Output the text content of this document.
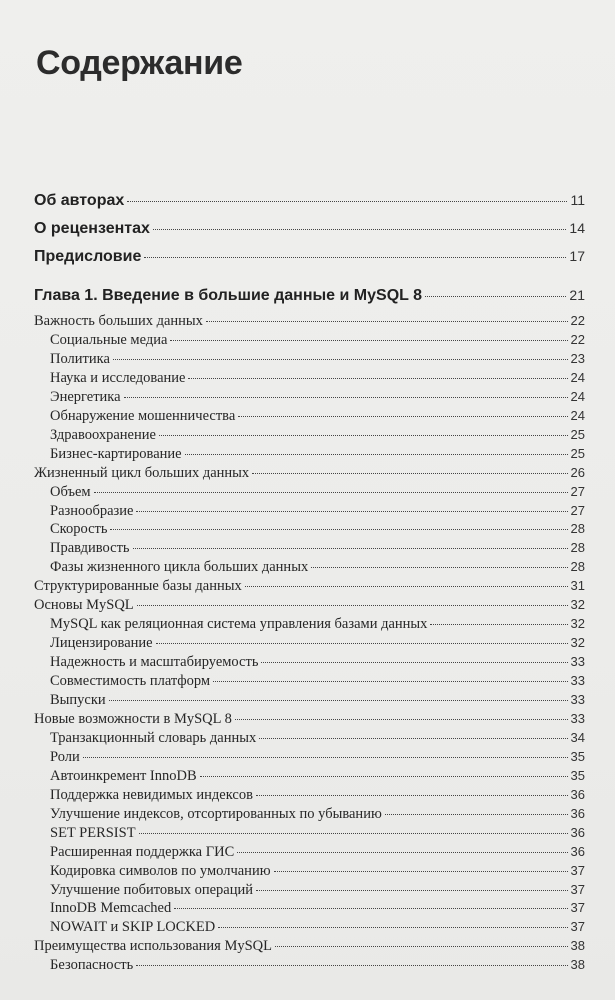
Содержание
Об авторах	11
О рецензентах	14
Предисловие	17
Глава 1. Введение в большие данные и MySQL 8	21
Важность больших данных	22
Социальные медиа	22
Политика	23
Наука и исследование	24
Энергетика	24
Обнаружение мошенничества	24
Здравоохранение	25
Бизнес-картирование	25
Жизненный цикл больших данных	26
Объем	27
Разнообразие	27
Скорость	28
Правдивость	28
Фазы жизненного цикла больших данных	28
Структурированные базы данных	31
Основы MySQL	32
MySQL как реляционная система управления базами данных	32
Лицензирование	32
Надежность и масштабируемость	33
Совместимость платформ	33
Выпуски	33
Новые возможности в MySQL 8	33
Транзакционный словарь данных	34
Роли	35
Автоинкремент InnoDB	35
Поддержка невидимых индексов	36
Улучшение индексов, отсортированных по убыванию	36
SET PERSIST	36
Расширенная поддержка ГИС	36
Кодировка символов по умолчанию	37
Улучшение побитовых операций	37
InnoDB Memcached	37
NOWAIT и SKIP LOCKED	37
Преимущества использования MySQL	38
Безопасность	38
